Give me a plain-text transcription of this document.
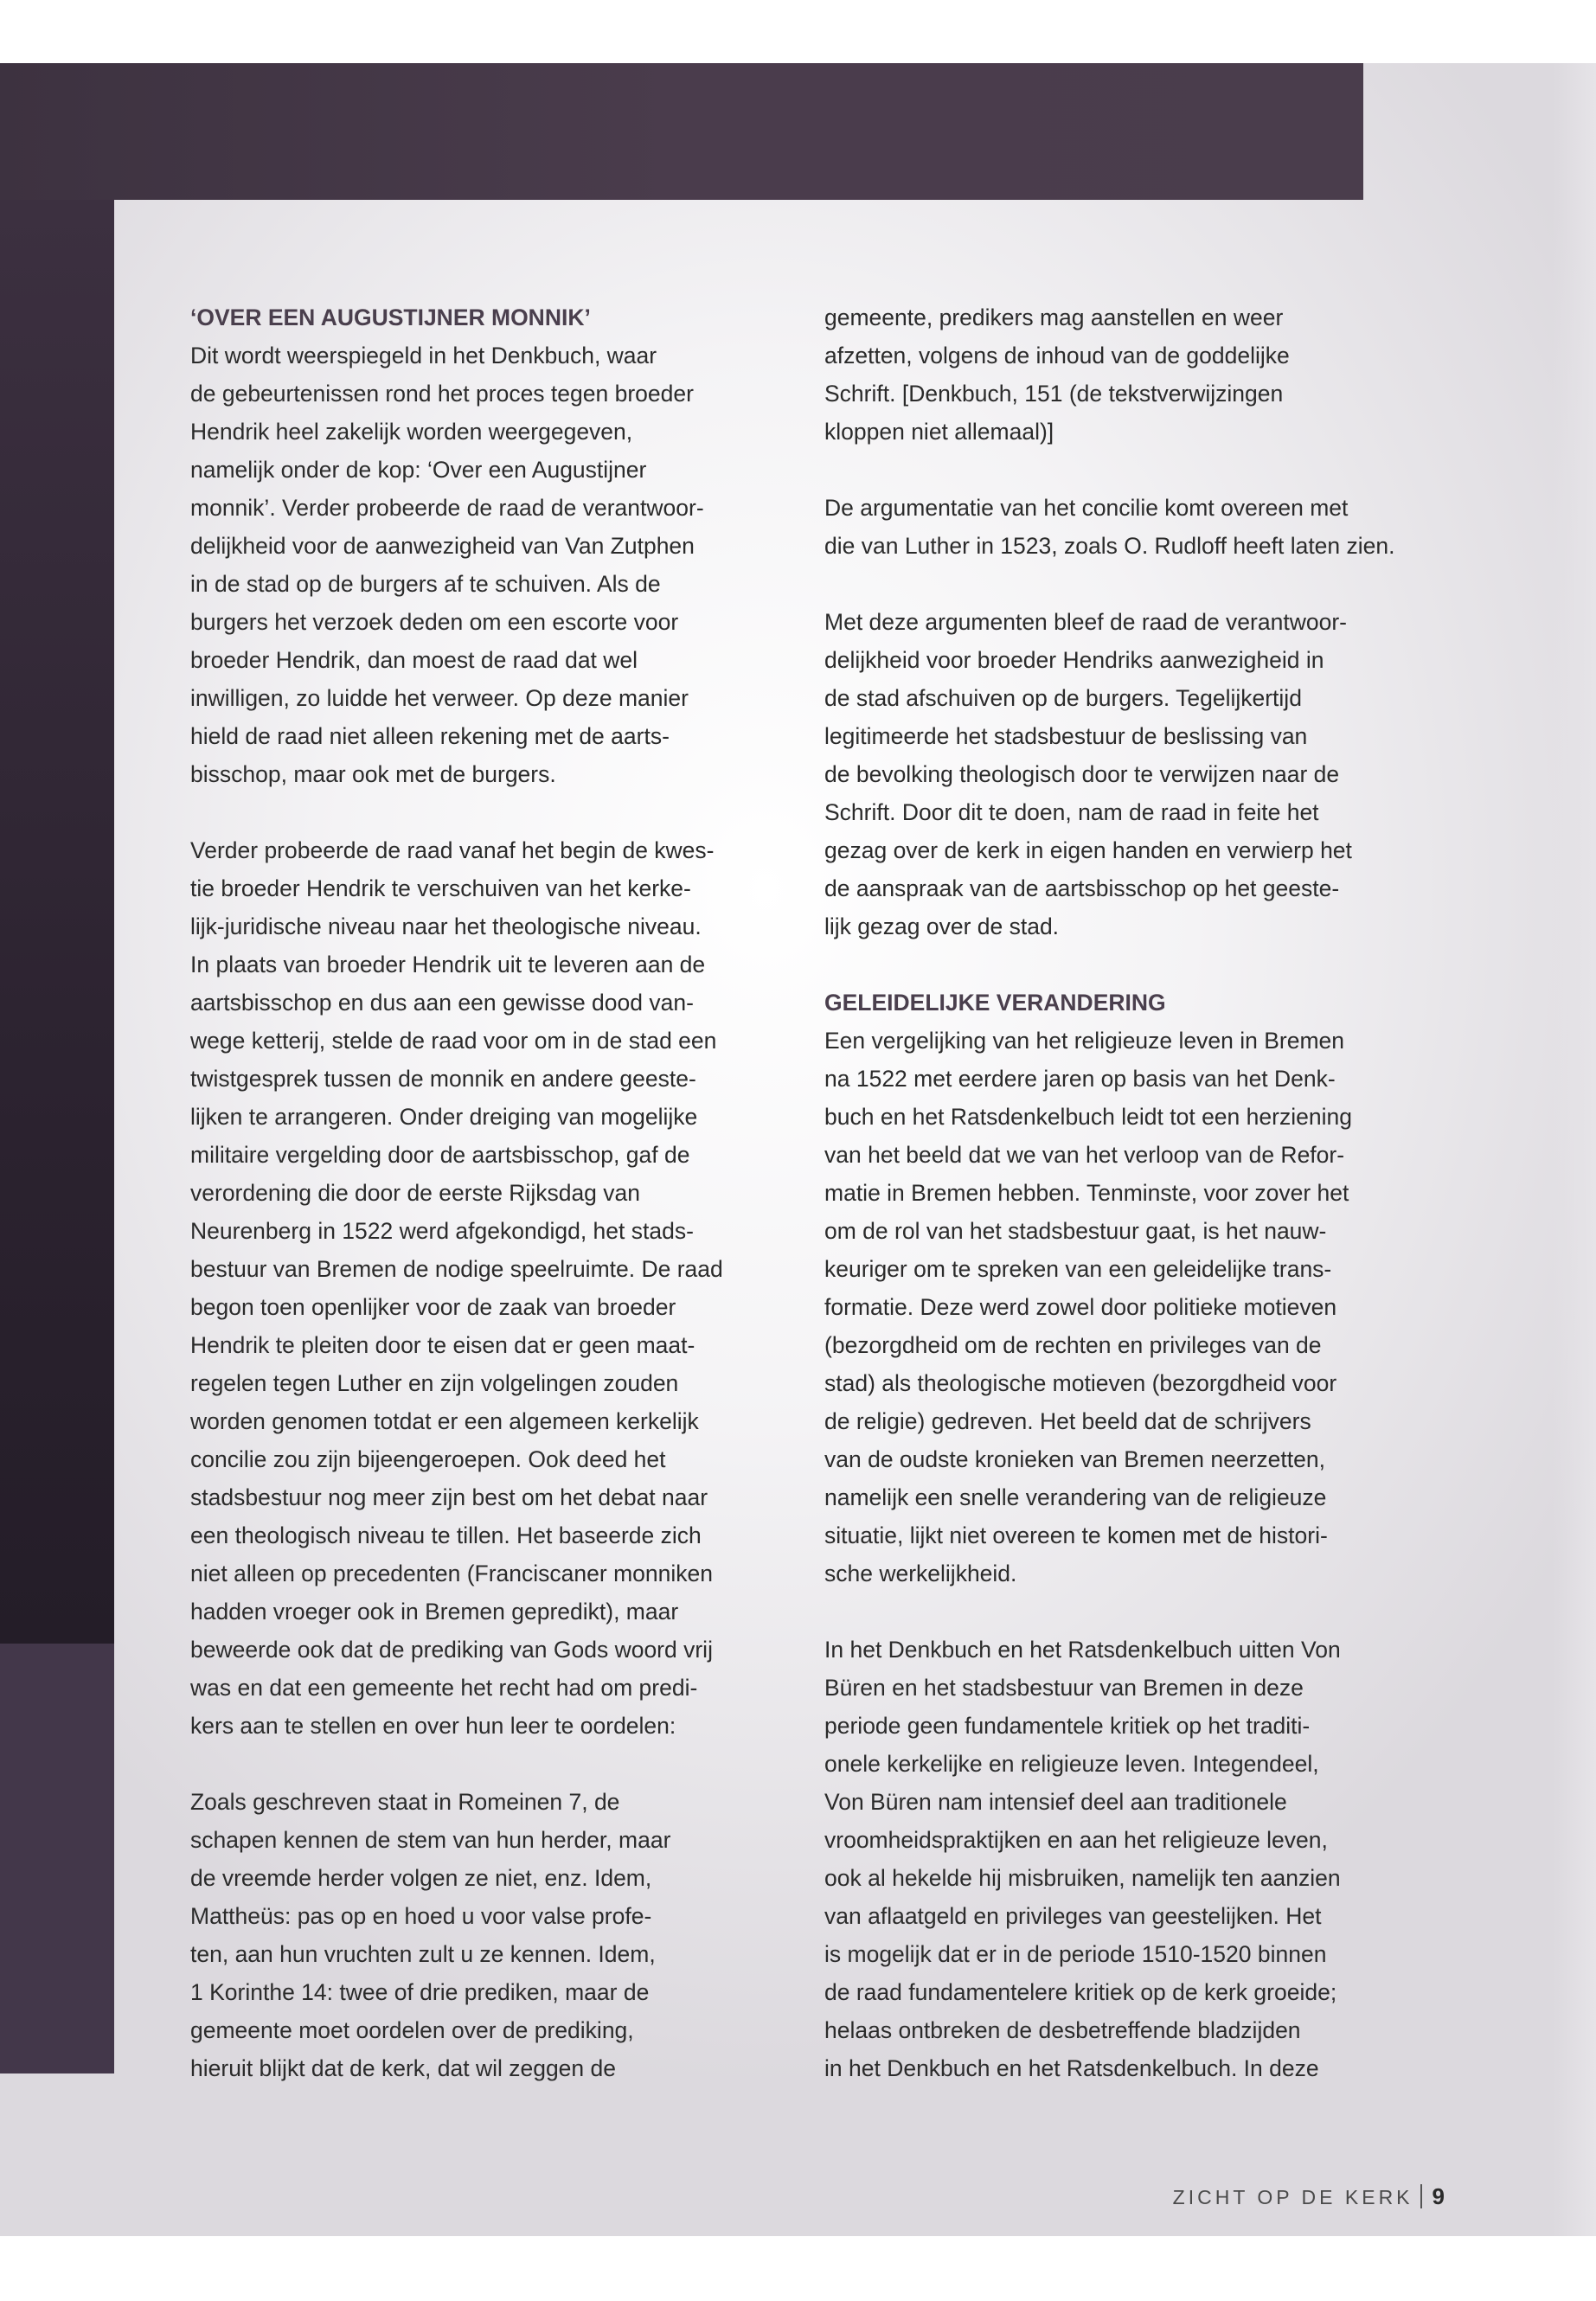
‘OVER EEN AUGUSTIJNER MONNIK’

Dit wordt weerspiegeld in het Denkbuch, waar
de gebeurtenissen rond het proces tegen broeder
Hendrik heel zakelijk worden weergegeven,
namelijk onder de kop: ‘Over een Augustijner
monnik’. Verder probeerde de raad de verantwoor-
delijkheid voor de aanwezigheid van Van Zutphen
in de stad op de burgers af te schuiven. Als de
burgers het verzoek deden om een escorte voor
broeder Hendrik, dan moest de raad dat wel
inwilligen, zo luidde het verweer. Op deze manier
hield de raad niet alleen rekening met de aarts-
bisschop, maar ook met de burgers.

Verder probeerde de raad vanaf het begin de kwes-
tie broeder Hendrik te verschuiven van het kerke-
lijk-juridische niveau naar het theologische niveau.
In plaats van broeder Hendrik uit te leveren aan de
aartsbisschop en dus aan een gewisse dood van-
wege ketterij, stelde de raad voor om in de stad een
twistgesprek tussen de monnik en andere geeste-
lijken te arrangeren. Onder dreiging van mogelijke
militaire vergelding door de aartsbisschop, gaf de
verordening die door de eerste Rijksdag van
Neurenberg in 1522 werd afgekondigd, het stads-
bestuur van Bremen de nodige speelruimte. De raad
begon toen openlijker voor de zaak van broeder
Hendrik te pleiten door te eisen dat er geen maat-
regelen tegen Luther en zijn volgelingen zouden
worden genomen totdat er een algemeen kerkelijk
concilie zou zijn bijeengeroepen. Ook deed het
stadsbestuur nog meer zijn best om het debat naar
een theologisch niveau te tillen. Het baseerde zich
niet alleen op precedenten (Franciscaner monniken
hadden vroeger ook in Bremen gepredikt), maar
beweerde ook dat de prediking van Gods woord vrij
was en dat een gemeente het recht had om predi-
kers aan te stellen en over hun leer te oordelen:

Zoals geschreven staat in Romeinen 7, de
schapen kennen de stem van hun herder, maar
de vreemde herder volgen ze niet, enz. Idem,
Mattheüs: pas op en hoed u voor valse profe-
ten, aan hun vruchten zult u ze kennen. Idem,
1 Korinthe 14: twee of drie prediken, maar de
gemeente moet oordelen over de prediking,
hieruit blijkt dat de kerk, dat wil zeggen de

gemeente, predikers mag aanstellen en weer
afzetten, volgens de inhoud van de goddelijke
Schrift. [Denkbuch, 151 (de tekstverwijzingen
kloppen niet allemaal)]

De argumentatie van het concilie komt overeen met
die van Luther in 1523, zoals O. Rudloff heeft laten zien.

Met deze argumenten bleef de raad de verantwoor-
delijkheid voor broeder Hendriks aanwezigheid in
de stad afschuiven op de burgers. Tegelijkertijd
legitimeerde het stadsbestuur de beslissing van
de bevolking theologisch door te verwijzen naar de
Schrift. Door dit te doen, nam de raad in feite het
gezag over de kerk in eigen handen en verwierp het
de aanspraak van de aartsbisschop op het geeste-
lijk gezag over de stad.

GELEIDELIJKE VERANDERING

Een vergelijking van het religieuze leven in Bremen
na 1522 met eerdere jaren op basis van het Denk-
buch en het Ratsdenkelbuch leidt tot een herziening
van het beeld dat we van het verloop van de Refor-
matie in Bremen hebben. Tenminste, voor zover het
om de rol van het stadsbestuur gaat, is het nauw-
keuriger om te spreken van een geleidelijke trans-
formatie. Deze werd zowel door politieke motieven
(bezorgdheid om de rechten en privileges van de
stad) als theologische motieven (bezorgdheid voor
de religie) gedreven. Het beeld dat de schrijvers
van de oudste kronieken van Bremen neerzetten,
namelijk een snelle verandering van de religieuze
situatie, lijkt niet overeen te komen met de histori-
sche werkelijkheid.

In het Denkbuch en het Ratsdenkelbuch uitten Von
Büren en het stadsbestuur van Bremen in deze
periode geen fundamentele kritiek op het traditi-
onele kerkelijke en religieuze leven. Integendeel,
Von Büren nam intensief deel aan traditionele
vroomheidspraktijken en aan het religieuze leven,
ook al hekelde hij misbruiken, namelijk ten aanzien
van aflaatgeld en privileges van geestelijken. Het
is mogelijk dat er in de periode 1510-1520 binnen
de raad fundamentelere kritiek op de kerk groeide;
helaas ontbreken de desbetreffende bladzijden
in het Denkbuch en het Ratsdenkelbuch. In deze

ZICHT OP DE KERK 9
